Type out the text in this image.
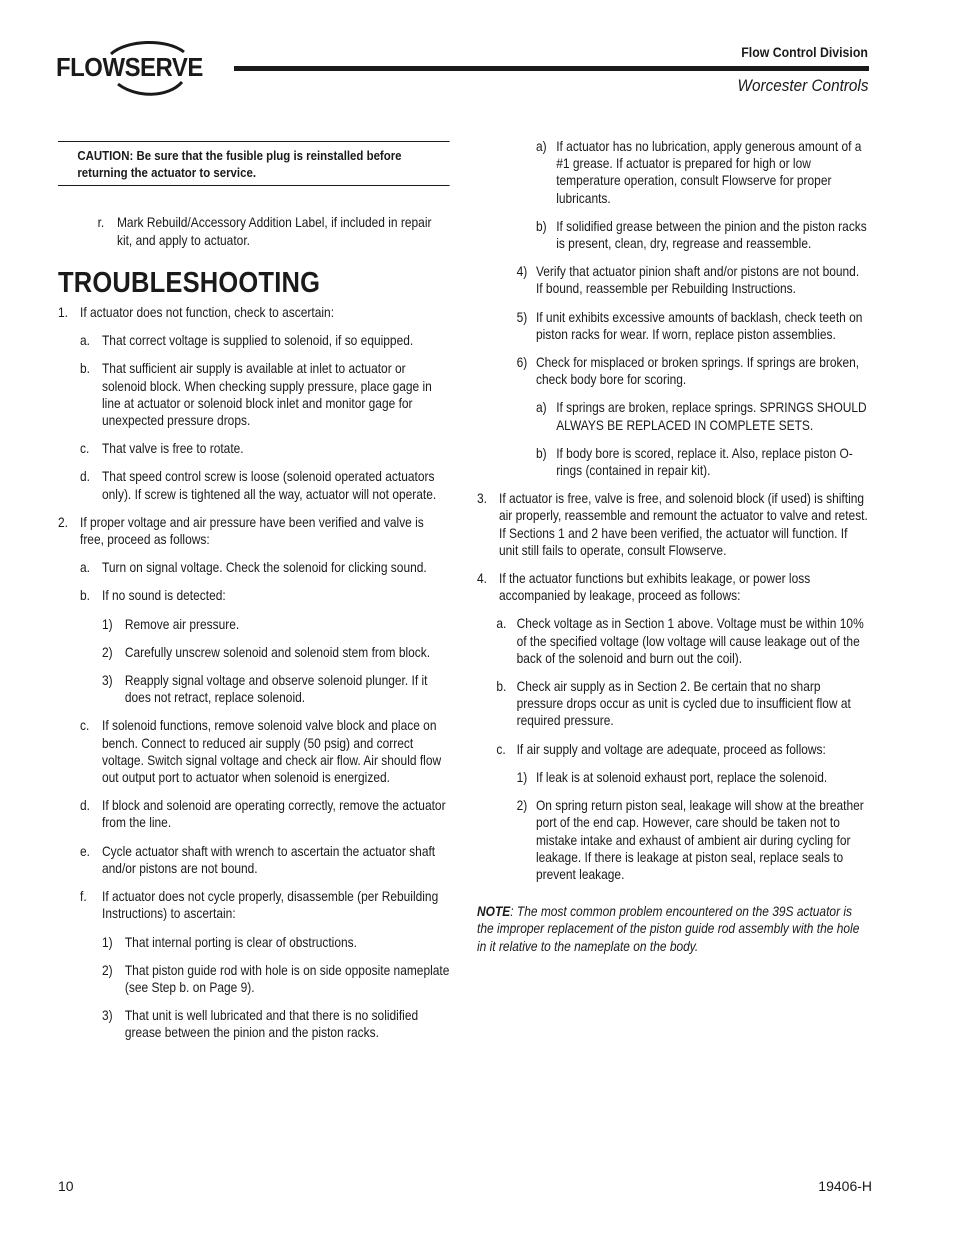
FLOWSERVE	Flow Control Division
Worcester Controls
CAUTION: Be sure that the fusible plug is reinstalled before returning the actuator to service.
r. Mark Rebuild/Accessory Addition Label, if included in repair kit, and apply to actuator.
TROUBLESHOOTING
1. If actuator does not function, check to ascertain:
a. That correct voltage is supplied to solenoid, if so equipped.
b. That sufficient air supply is available at inlet to actuator or solenoid block. When checking supply pressure, place gage in line at actuator or solenoid block inlet and monitor gage for unexpected pressure drops.
c. That valve is free to rotate.
d. That speed control screw is loose (solenoid operated actuators only). If screw is tightened all the way, actuator will not operate.
2. If proper voltage and air pressure have been verified and valve is free, proceed as follows:
a. Turn on signal voltage. Check the solenoid for clicking sound.
b. If no sound is detected:
1) Remove air pressure.
2) Carefully unscrew solenoid and solenoid stem from block.
3) Reapply signal voltage and observe solenoid plunger. If it does not retract, replace solenoid.
c. If solenoid functions, remove solenoid valve block and place on bench. Connect to reduced air supply (50 psig) and correct voltage. Switch signal voltage and check air flow. Air should flow out output port to actuator when solenoid is energized.
d. If block and solenoid are operating correctly, remove the actuator from the line.
e. Cycle actuator shaft with wrench to ascertain the actuator shaft and/or pistons are not bound.
f. If actuator does not cycle properly, disassemble (per Rebuilding Instructions) to ascertain:
1) That internal porting is clear of obstructions.
2) That piston guide rod with hole is on side opposite nameplate (see Step b. on Page 9).
3) That unit is well lubricated and that there is no solidified grease between the pinion and the piston racks.
a) If actuator has no lubrication, apply generous amount of a #1 grease. If actuator is prepared for high or low temperature operation, consult Flowserve for proper lubricants.
b) If solidified grease between the pinion and the piston racks is present, clean, dry, regrease and reassemble.
4) Verify that actuator pinion shaft and/or pistons are not bound. If bound, reassemble per Rebuilding Instructions.
5) If unit exhibits excessive amounts of backlash, check teeth on piston racks for wear. If worn, replace piston assemblies.
6) Check for misplaced or broken springs. If springs are broken, check body bore for scoring.
a) If springs are broken, replace springs. SPRINGS SHOULD ALWAYS BE REPLACED IN COMPLETE SETS.
b) If body bore is scored, replace it. Also, replace piston O-rings (contained in repair kit).
3. If actuator is free, valve is free, and solenoid block (if used) is shifting air properly, reassemble and remount the actuator to valve and retest. If Sections 1 and 2 have been verified, the actuator will function. If unit still fails to operate, consult Flowserve.
4. If the actuator functions but exhibits leakage, or power loss accompanied by leakage, proceed as follows:
a. Check voltage as in Section 1 above. Voltage must be within 10% of the specified voltage (low voltage will cause leakage out of the back of the solenoid and burn out the coil).
b. Check air supply as in Section 2. Be certain that no sharp pressure drops occur as unit is cycled due to insufficient flow at required pressure.
c. If air supply and voltage are adequate, proceed as follows:
1) If leak is at solenoid exhaust port, replace the solenoid.
2) On spring return piston seal, leakage will show at the breather port of the end cap. However, care should be taken not to mistake intake and exhaust of ambient air during cycling for leakage. If there is leakage at piston seal, replace seals to prevent leakage.
NOTE: The most common problem encountered on the 39S actuator is the improper replacement of the piston guide rod assembly with the hole in it relative to the nameplate on the body.
10	19406-H
